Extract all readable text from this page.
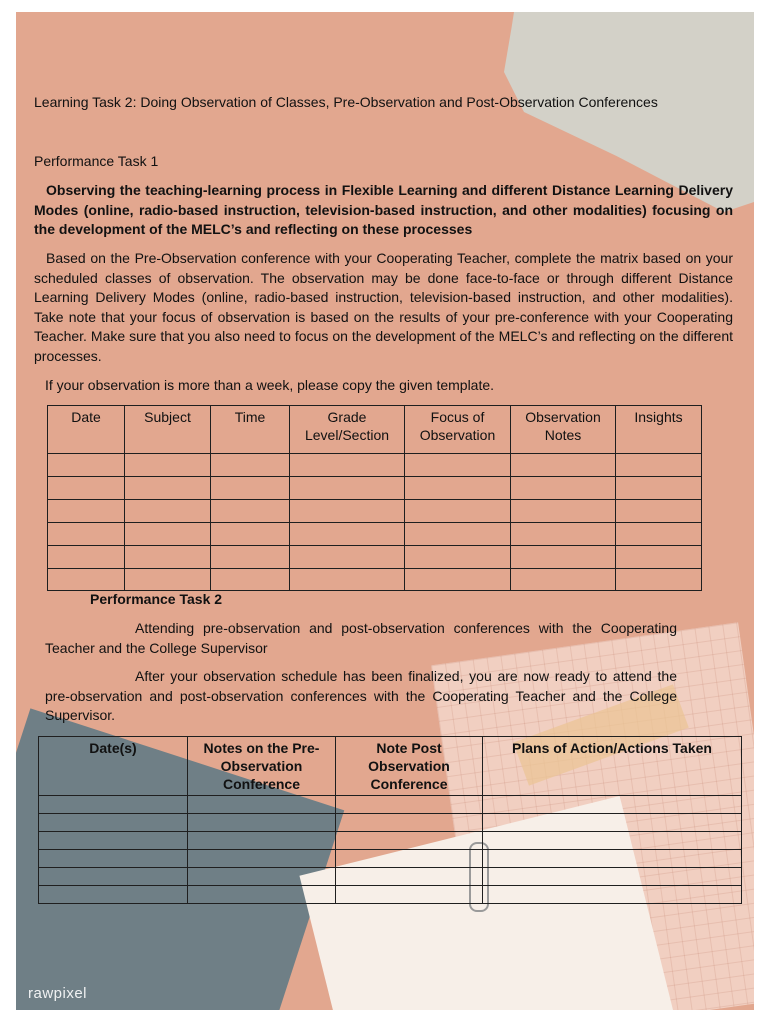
Learning Task 2: Doing Observation of Classes, Pre-Observation and Post-Observation Conferences
Performance Task 1
Observing the teaching-learning process in Flexible Learning and different Distance Learning Delivery Modes (online, radio-based instruction, television-based instruction, and other modalities) focusing on the development of the MELC’s and reflecting on these processes
Based on the Pre-Observation conference with your Cooperating Teacher, complete the matrix based on your scheduled classes of observation. The observation may be done face-to-face or through different Distance Learning Delivery Modes (online, radio-based instruction, television-based instruction, and other modalities). Take note that your focus of observation is based on the results of your pre-conference with your Cooperating Teacher. Make sure that you also need to focus on the development of the MELC’s and reflecting on the different processes.
If your observation is more than a week, please copy the given template.
Date	Subject	Time	Grade Level/Section	Focus of Observation	Observation Notes	Insights

Performance Task 2
Attending pre-observation and post-observation conferences with the Cooperating Teacher and the College Supervisor
After your observation schedule has been finalized, you are now ready to attend the pre-observation and post-observation conferences with the Cooperating Teacher and the College Supervisor.
Date(s)	Notes on the Pre-Observation Conference	Note Post Observation Conference	Plans of Action/Actions Taken

rawpixel
